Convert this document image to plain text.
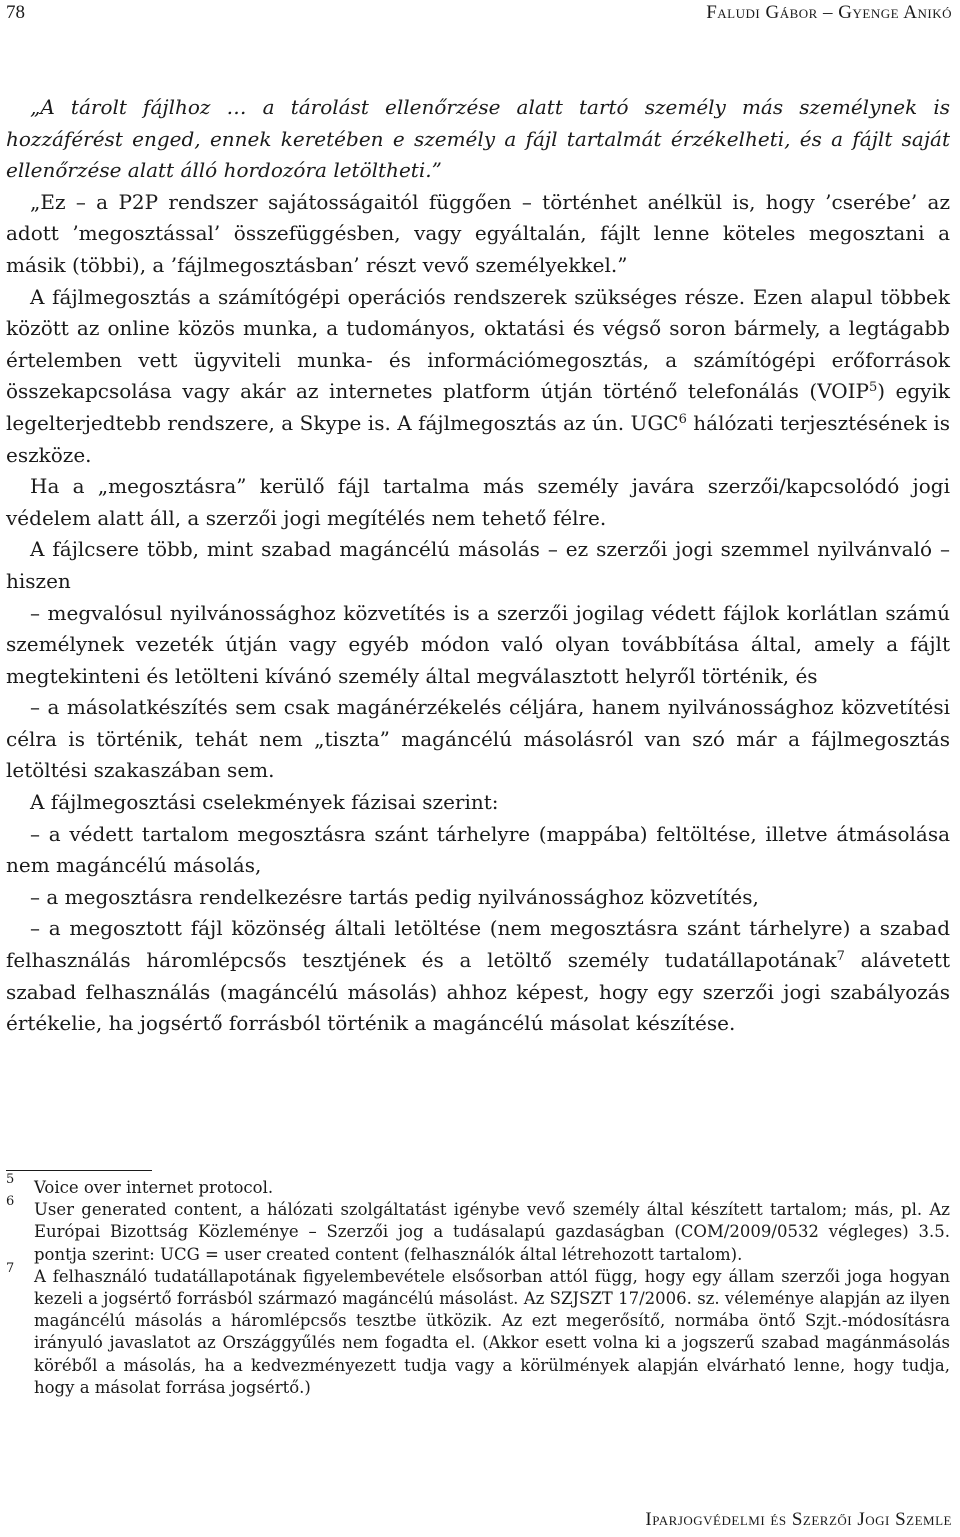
78	Faludi Gábor – Gyenge Anikó

„A tárolt fájlhoz … a tárolást ellenőrzése alatt tartó személy más személynek is hozzáférést enged, ennek keretében e személy a fájl tartalmát érzékelheti, és a fájlt saját ellenőrzése alatt álló hordozóra letöltheti.”

„Ez – a P2P rendszer sajátosságaitól függően – történhet anélkül is, hogy ’cserébe’ az adott ’megosztással’ összefüggésben, vagy egyáltalán, fájlt lenne köteles megosztani a másik (többi), a ’fájlmegosztásban’ részt vevő személyekkel.”

A fájlmegosztás a számítógépi operációs rendszerek szükséges része. Ezen alapul többek között az online közös munka, a tudományos, oktatási és végső soron bármely, a legtágabb értelemben vett ügyviteli munka- és információmegosztás, a számítógépi erőforrások összekapcsolása vagy akár az internetes platform útján történő telefonálás (VOIP$^5$) egyik legelterjedtebb rendszere, a Skype is. A fájlmegosztás az ún. UGC$^6$ hálózati terjesztésének is eszköze.

Ha a „megosztásra” kerülő fájl tartalma más személy javára szerzői/kapcsolódó jogi védelem alatt áll, a szerzői jogi megítélés nem tehető félre.

A fájlcsere több, mint szabad magáncélú másolás – ez szerzői jogi szemmel nyilvánvaló – hiszen

– megvalósul nyilvánossághoz közvetítés is a szerzői jogilag védett fájlok korlátlan számú személynek vezeték útján vagy egyéb módon való olyan továbbítása által, amely a fájlt megtekinteni és letölteni kívánó személy által megválasztott helyről történik, és

– a másolatkészítés sem csak magánérzékelés céljára, hanem nyilvánossághoz közvetítési célra is történik, tehát nem „tiszta” magáncélú másolásról van szó már a fájlmegosztás letöltési szakaszában sem.

A fájlmegosztási cselekmények fázisai szerint:

– a védett tartalom megosztásra szánt tárhelyre (mappába) feltöltése, illetve átmásolása nem magáncélú másolás,

– a megosztásra rendelkezésre tartás pedig nyilvánossághoz közvetítés,

– a megosztott fájl közönség általi letöltése (nem megosztásra szánt tárhelyre) a szabad felhasználás háromlépcsős tesztjének és a letöltő személy tudatállapotának$^7$ alávetett szabad felhasználás (magáncélú másolás) ahhoz képest, hogy egy szerzői jogi szabályozás értékelie, ha jogsértő forrásból történik a magáncélú másolat készítése.

5 Voice over internet protocol.
6 User generated content, a hálózati szolgáltatást igénybe vevő személy által készített tartalom; más, pl. Az Európai Bizottság Közleménye – Szerzői jog a tudásalapú gazdaságban (COM/2009/0532 végleges) 3.5. pontja szerint: UCG = user created content (felhasználók által létrehozott tartalom).
7 A felhasználó tudatállapotának figyelembevétele elsősorban attól függ, hogy egy állam szerzői joga hogyan kezeli a jogsértő forrásból származó magáncélú másolást. Az SZJSZT 17/2006. sz. véleménye alapján az ilyen magáncélú másolás a háromlépcsős tesztbe ütközik. Az ezt megerősítő, normába öntő Szjt.-módosításra irányuló javaslatot az Országgyűlés nem fogadta el. (Akkor esett volna ki a jogszerű szabad magánmásolás köréből a másolás, ha a kedvezményezett tudja vagy a körülmények alapján elvárható lenne, hogy tudja, hogy a másolat forrása jogsértő.)
Iparjogvédelmi és Szerzői Jogi Szemle
